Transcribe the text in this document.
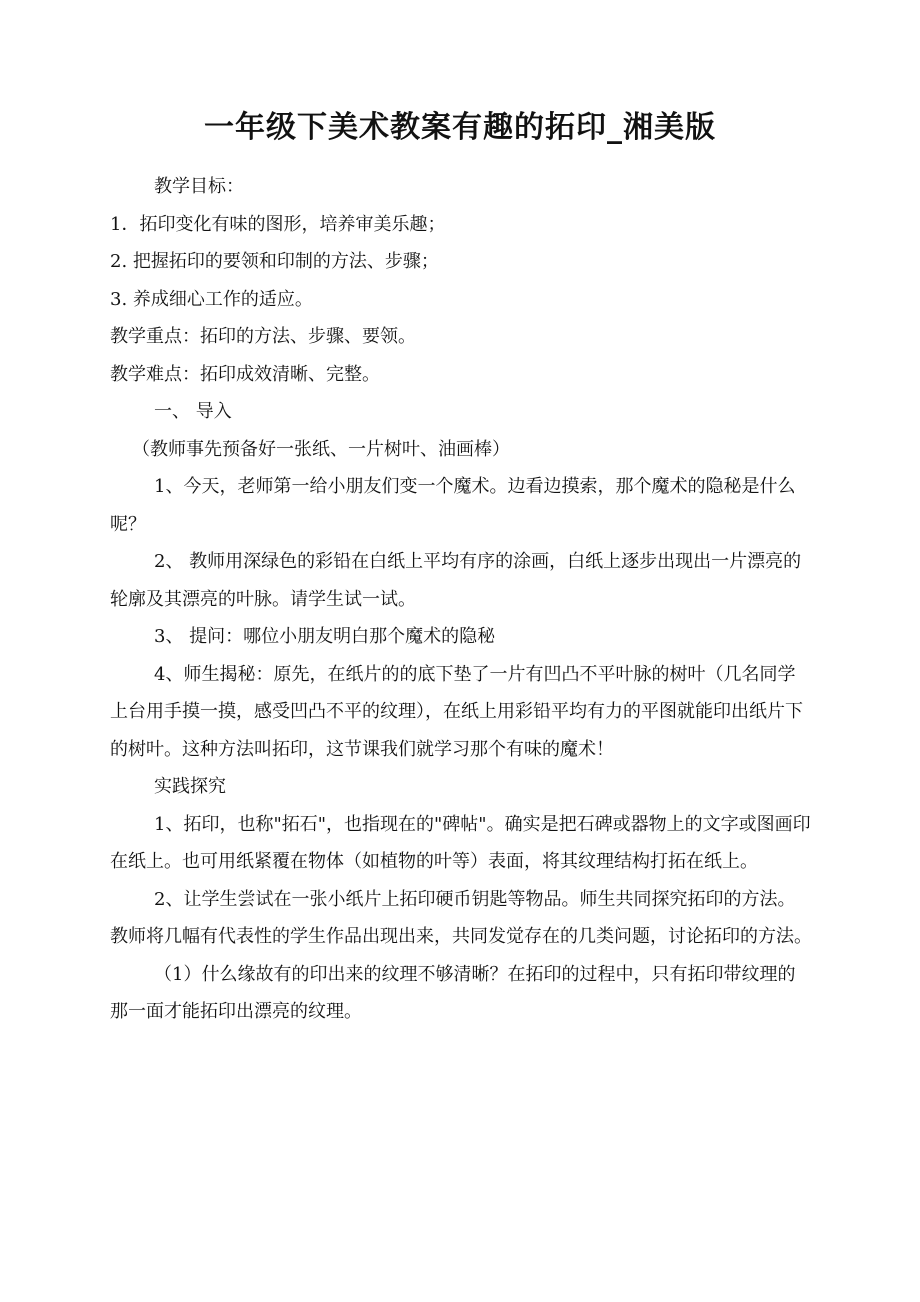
一年级下美术教案有趣的拓印_湘美版

教学目标：

1．拓印变化有味的图形，培养审美乐趣；

2. 把握拓印的要领和印制的方法、步骤；

3. 养成细心工作的适应。

教学重点：拓印的方法、步骤、要领。

教学难点：拓印成效清晰、完整。

一、 导入

（教师事先预备好一张纸、一片树叶、油画棒）

1、今天，老师第一给小朋友们变一个魔术。边看边摸索，那个魔术的隐秘是什么呢？

2、 教师用深绿色的彩铅在白纸上平均有序的涂画，白纸上逐步出现出一片漂亮的轮廓及其漂亮的叶脉。请学生试一试。

3、 提问：哪位小朋友明白那个魔术的隐秘

4、师生揭秘：原先，在纸片的的底下垫了一片有凹凸不平叶脉的树叶（几名同学上台用手摸一摸，感受凹凸不平的纹理），在纸上用彩铅平均有力的平图就能印出纸片下的树叶。这种方法叫拓印，这节课我们就学习那个有味的魔术！

实践探究

1、拓印，也称"拓石"，也指现在的"碑帖"。确实是把石碑或器物上的文字或图画印在纸上。也可用纸紧覆在物体（如植物的叶等）表面，将其纹理结构打拓在纸上。

2、让学生尝试在一张小纸片上拓印硬币钥匙等物品。师生共同探究拓印的方法。教师将几幅有代表性的学生作品出现出来，共同发觉存在的几类问题，讨论拓印的方法。

（1）什么缘故有的印出来的纹理不够清晰？在拓印的过程中，只有拓印带纹理的那一面才能拓印出漂亮的纹理。
